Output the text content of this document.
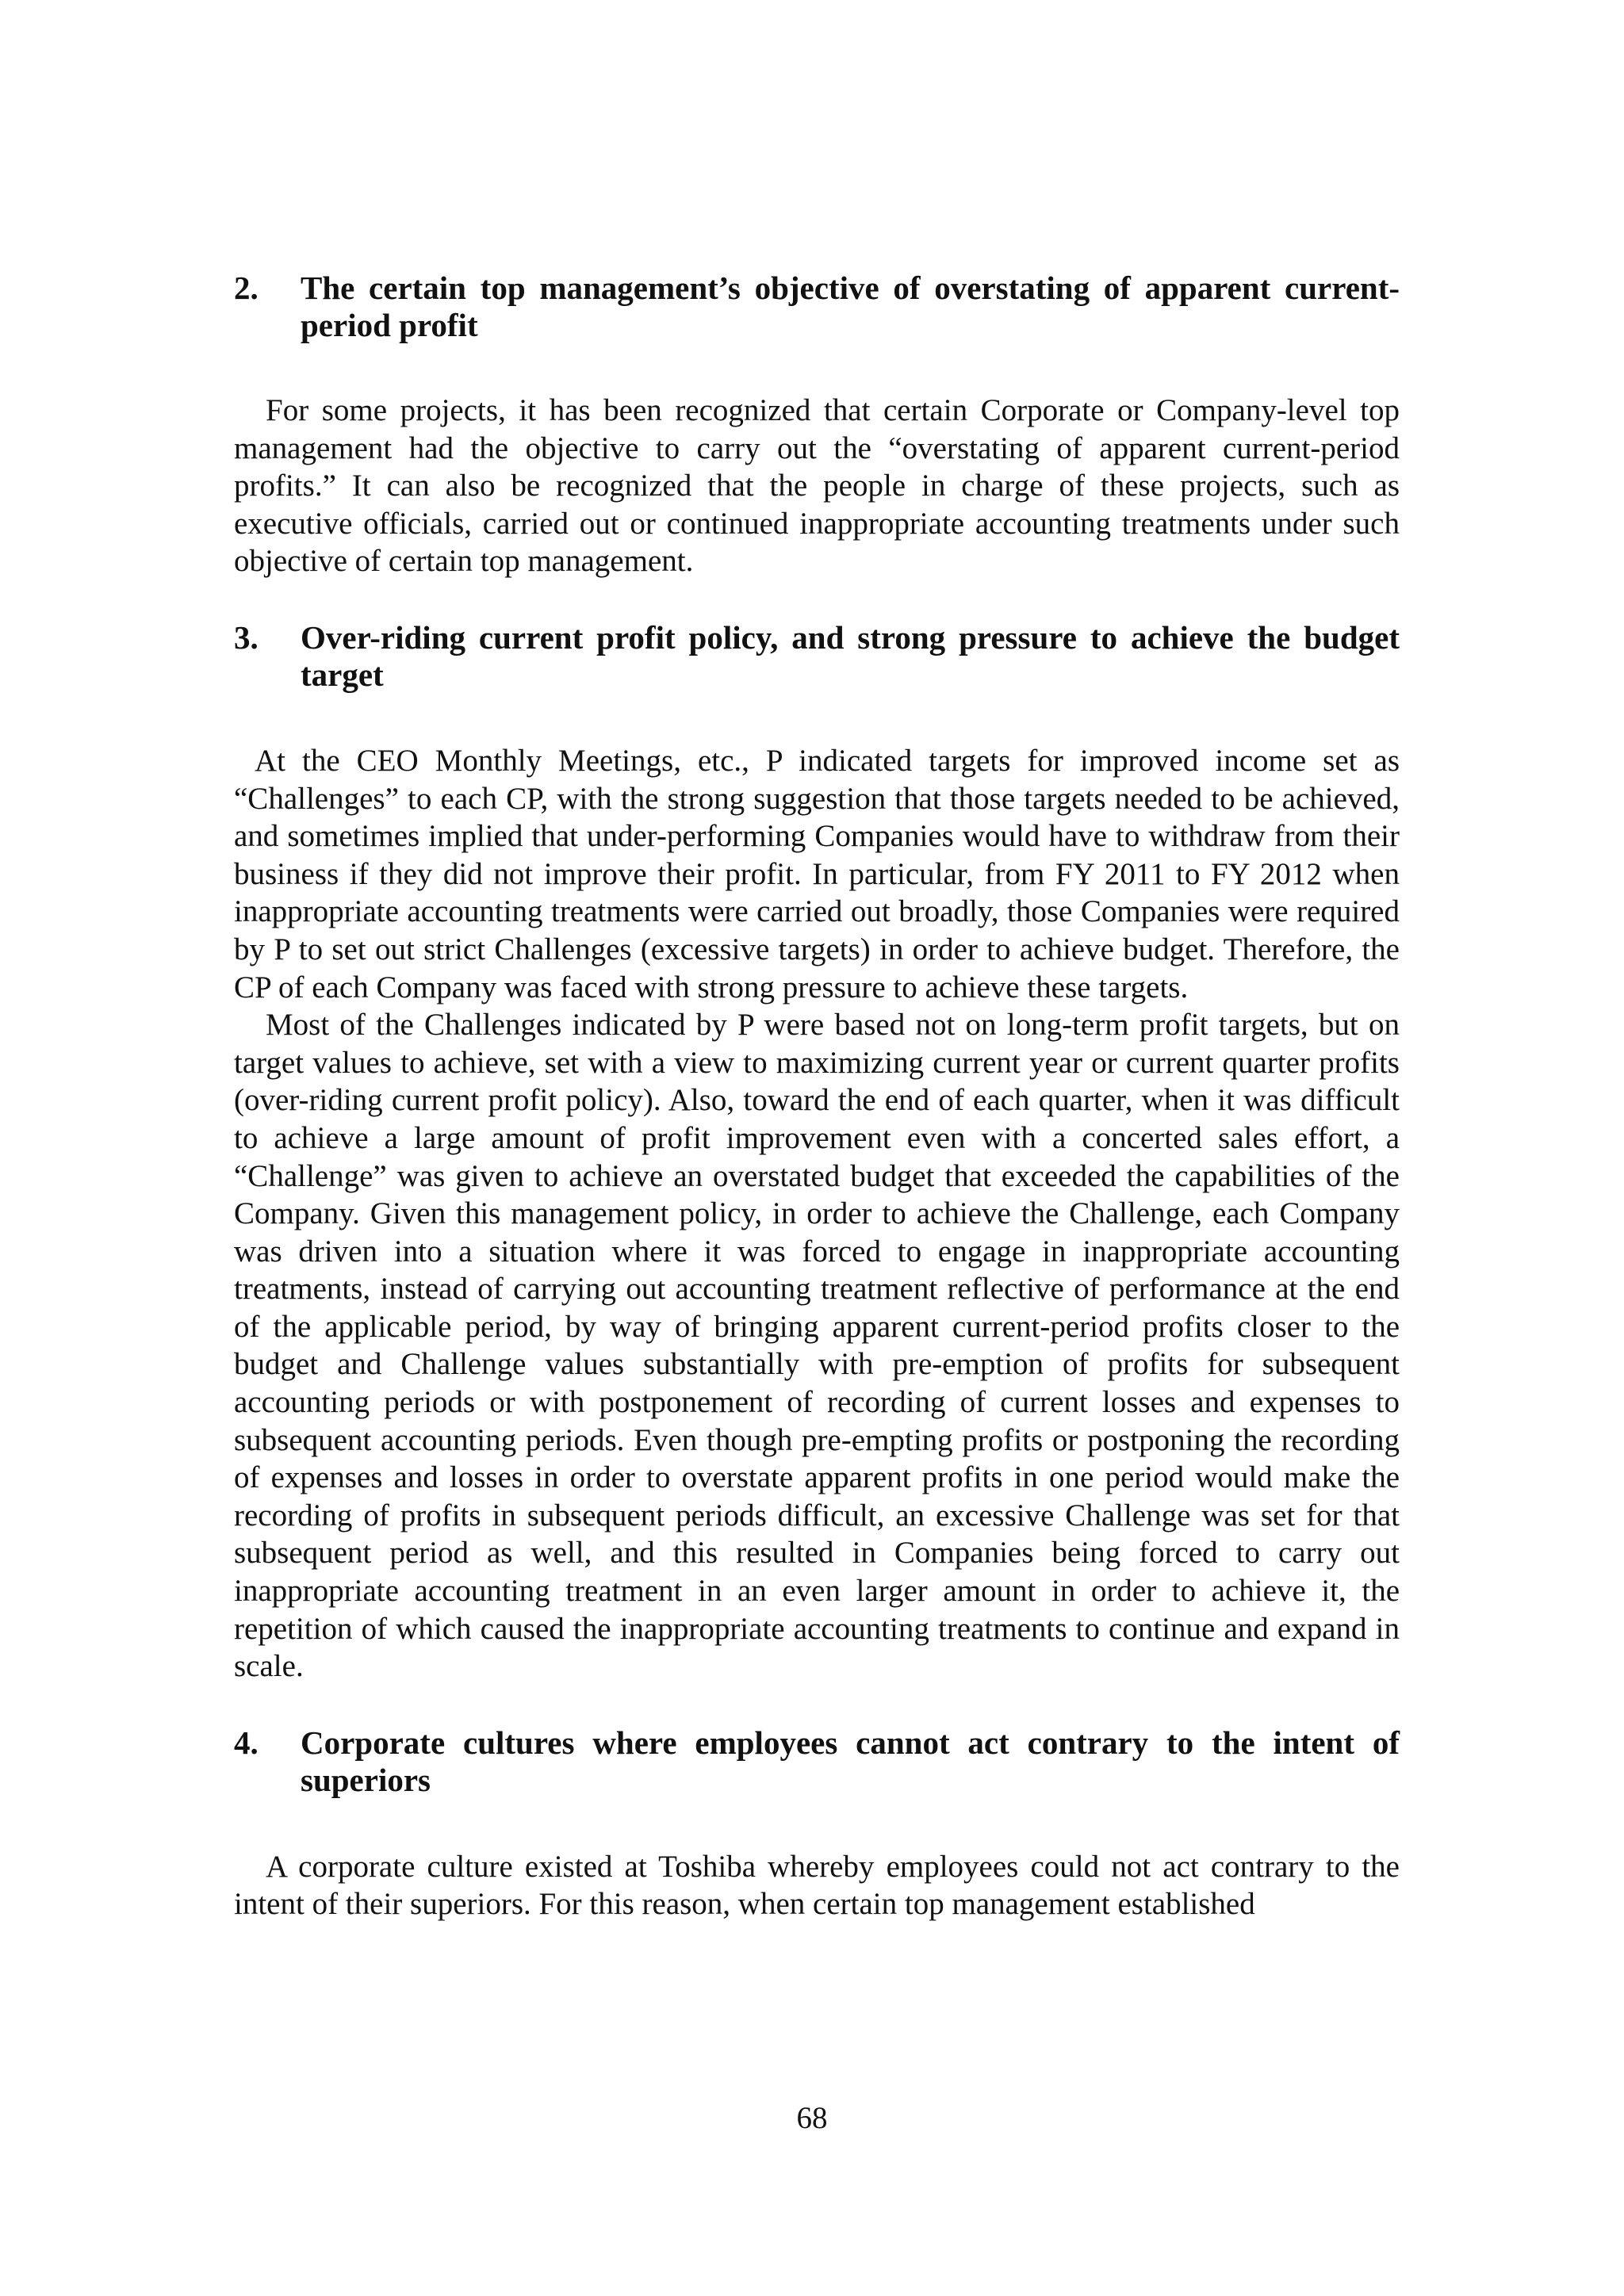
2. The certain top management’s objective of overstating of apparent current-period profit

For some projects, it has been recognized that certain Corporate or Company-level top management had the objective to carry out the “overstating of apparent current-period profits.” It can also be recognized that the people in charge of these projects, such as executive officials, carried out or continued inappropriate accounting treatments under such objective of certain top management.

3. Over-riding current profit policy, and strong pressure to achieve the budget target

At the CEO Monthly Meetings, etc., P indicated targets for improved income set as “Challenges” to each CP, with the strong suggestion that those targets needed to be achieved, and sometimes implied that under-performing Companies would have to withdraw from their business if they did not improve their profit. In particular, from FY 2011 to FY 2012 when inappropriate accounting treatments were carried out broadly, those Companies were required by P to set out strict Challenges (excessive targets) in order to achieve budget. Therefore, the CP of each Company was faced with strong pressure to achieve these targets.

Most of the Challenges indicated by P were based not on long-term profit targets, but on target values to achieve, set with a view to maximizing current year or current quarter profits (over-riding current profit policy). Also, toward the end of each quarter, when it was difficult to achieve a large amount of profit improvement even with a concerted sales effort, a “Challenge” was given to achieve an overstated budget that exceeded the capabilities of the Company. Given this management policy, in order to achieve the Challenge, each Company was driven into a situation where it was forced to engage in inappropriate accounting treatments, instead of carrying out accounting treatment reflective of performance at the end of the applicable period, by way of bringing apparent current-period profits closer to the budget and Challenge values substantially with pre-emption of profits for subsequent accounting periods or with postponement of recording of current losses and expenses to subsequent accounting periods. Even though pre-empting profits or postponing the recording of expenses and losses in order to overstate apparent profits in one period would make the recording of profits in subsequent periods difficult, an excessive Challenge was set for that subsequent period as well, and this resulted in Companies being forced to carry out inappropriate accounting treatment in an even larger amount in order to achieve it, the repetition of which caused the inappropriate accounting treatments to continue and expand in scale.

4. Corporate cultures where employees cannot act contrary to the intent of superiors

A corporate culture existed at Toshiba whereby employees could not act contrary to the intent of their superiors. For this reason, when certain top management established

68
